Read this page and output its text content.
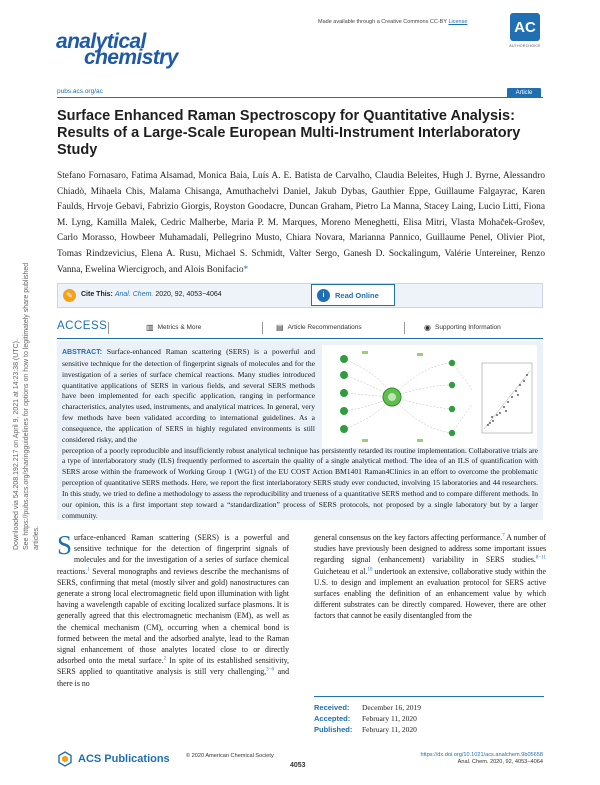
Made available through a Creative Commons CC-BY License
analytical
chemistry
AC
AUTHORCHOICE
pubs.acs.org/ac	Article
Surface Enhanced Raman Spectroscopy for Quantitative Analysis: Results of a Large-Scale European Multi-Instrument Interlaboratory Study
Stefano Fornasaro, Fatima Alsamad, Monica Baia, Luís A. E. Batista de Carvalho, Claudia Beleites, Hugh J. Byrne, Alessandro Chiadò, Mihaela Chis, Malama Chisanga, Amuthachelvi Daniel, Jakub Dybas, Gauthier Eppe, Guillaume Falgayrac, Karen Faulds, Hrvoje Gebavi, Fabrizio Giorgis, Royston Goodacre, Duncan Graham, Pietro La Manna, Stacey Laing, Lucio Litti, Fiona M. Lyng, Kamilla Malek, Cedric Malherbe, Maria P. M. Marques, Moreno Meneghetti, Elisa Mitri, Vlasta Mohaček-Grošev, Carlo Morasso, Howbeer Muhamadali, Pellegrino Musto, Chiara Novara, Marianna Pannico, Guillaume Penel, Olivier Piot, Tomas Rindzevicius, Elena A. Rusu, Michael S. Schmidt, Valter Sergo, Ganesh D. Sockalingum, Valérie Untereiner, Renzo Vanna, Ewelina Wiercigroch, and Alois Bonifacio*
✎	Cite This: Anal. Chem. 2020, 92, 4053−4064	i	Read Online
ACCESS	▥ Metrics & More	▤ Article Recommendations	◉ Supporting Information
ABSTRACT: Surface-enhanced Raman scattering (SERS) is a powerful and sensitive technique for the detection of fingerprint signals of molecules and for the investigation of a series of surface chemical reactions. Many studies introduced quantitative applications of SERS in various fields, and several SERS methods have been implemented for each specific application, ranging in performance characteristics, analytes used, instruments, and analytical matrices. In general, very few methods have been validated according to international guidelines. As a consequence, the application of SERS in highly regulated environments is still considered risky, and the
perception of a poorly reproducible and insufficiently robust analytical technique has persistently retarded its routine implementation. Collaborative trials are a type of interlaboratory study (ILS) frequently performed to ascertain the quality of a single analytical method. The idea of an ILS of quantification with SERS arose within the framework of Working Group 1 (WG1) of the EU COST Action BM1401 Raman4Clinics in an effort to overcome the problematic perception of quantitative SERS methods. Here, we report the first interlaboratory SERS study ever conducted, involving 15 laboratories and 44 researchers. In this study, we tried to define a methodology to assess the reproducibility and trueness of a quantitative SERS method and to compare different methods. In our opinion, this is a first important step toward a “standardization” process of SERS protocols, not proposed by a single laboratory but by a larger community.
Surface-enhanced Raman scattering (SERS) is a powerful and sensitive technique for the detection of fingerprint signals of molecules and for the investigation of a series of surface chemical reactions.$^1$ Several monographs and reviews describe the mechanisms of SERS, confirming that metal (mostly silver and gold) nanostructures can generate a strong local electromagnetic field upon illumination with light having a wavelength capable of exciting localized surface plasmons. It is generally agreed that this electromagnetic mechanism (EM), as well as the chemical mechanism (CM), occurring when a chemical bond is formed between the metal and the adsorbed analyte, lead to the Raman signal enhancement of those analytes located close to or directly adsorbed onto the metal surface.$^2$ In spite of its established sensitivity, SERS applied to quantitative analysis is still very challenging,$^{3-6}$ and there is no
general consensus on the key factors affecting performance.$^7$ A number of studies have previously been designed to address some important issues regarding signal (enhancement) variability in SERS studies.$^{8-11}$ Guicheteau et al.$^{10}$ undertook an extensive, collaborative study within the U.S. to design and implement an evaluation protocol for SERS active surfaces enabling the definition of an enhancement value by which different substrates can be directly compared. However, there are other factors that cannot be easily disentangled from the
Received:	December 16, 2019
Accepted:	February 11, 2020
Published:	February 11, 2020
Downloaded via 54.208.192.217 on April 9, 2021 at 14:23:38 (UTC). See https://pubs.acs.org/sharingguidelines for options on how to legitimately share published articles.
ACS Publications	© 2020 American Chemical Society
4053
https://dx.doi.org/10.1021/acs.analchem.9b05658
Anal. Chem. 2020, 92, 4053−4064
